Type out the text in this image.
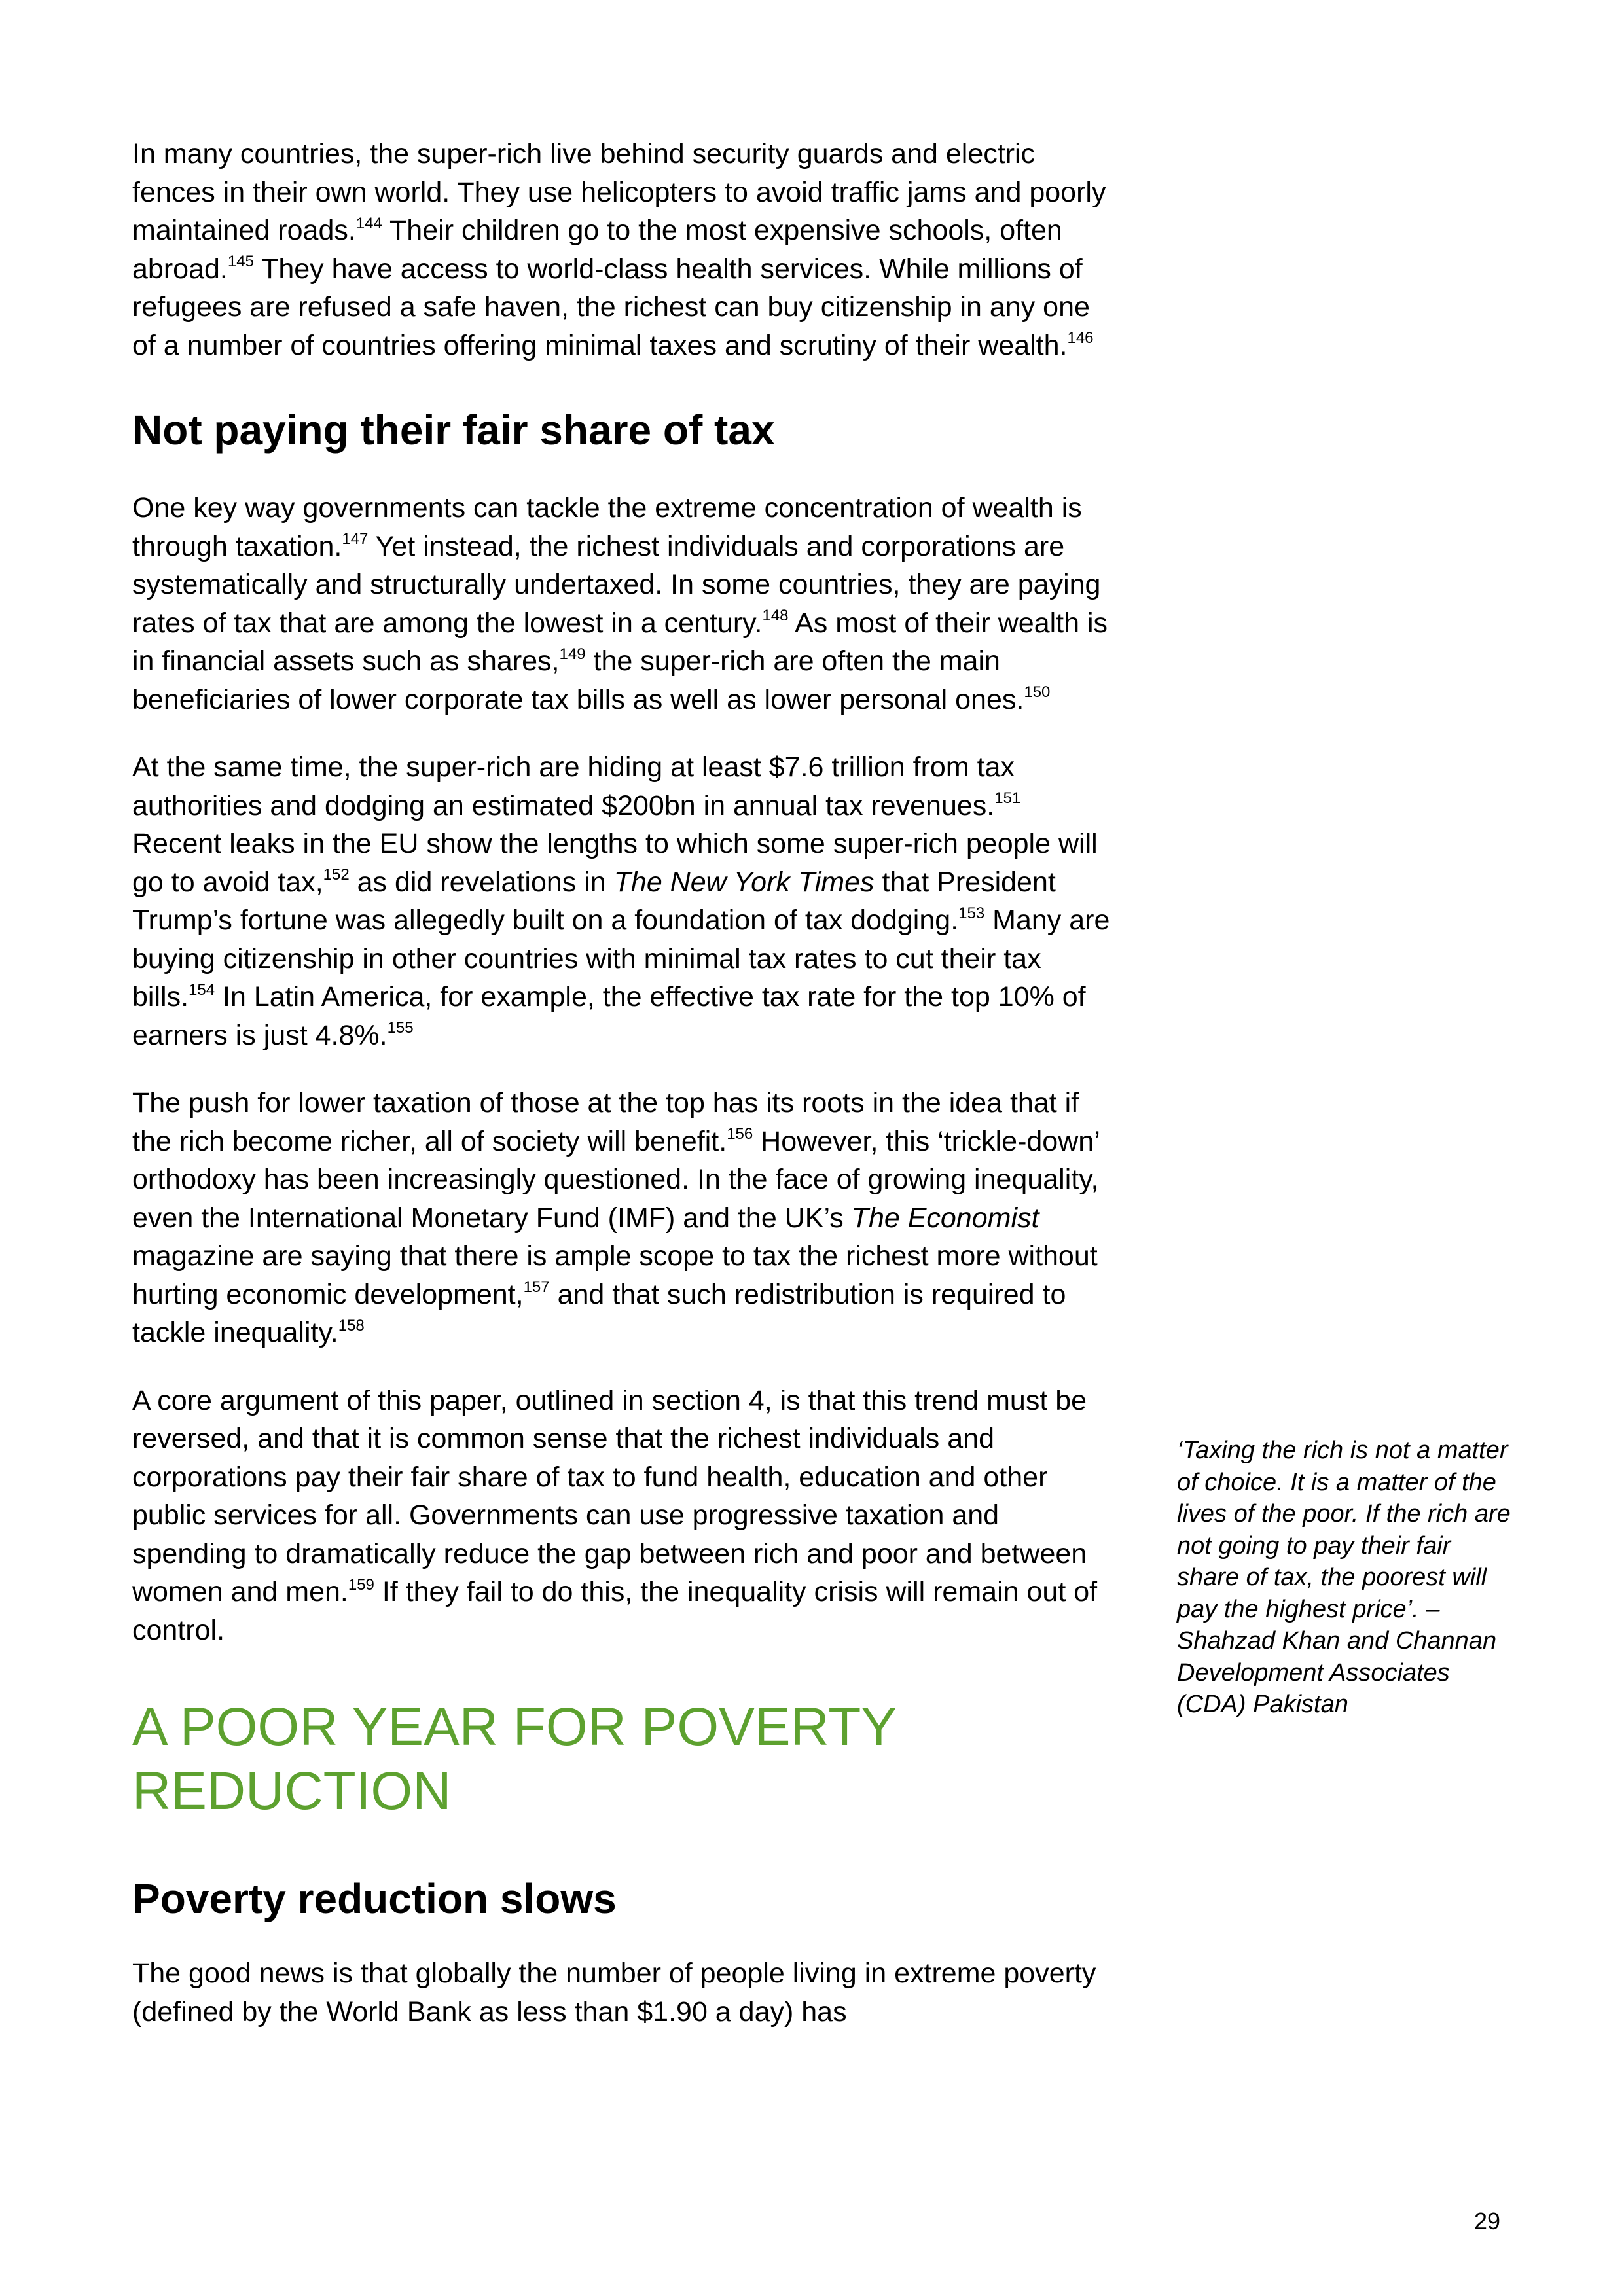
In many countries, the super-rich live behind security guards and electric fences in their own world. They use helicopters to avoid traffic jams and poorly maintained roads.$^{144}$ Their children go to the most expensive schools, often abroad.$^{145}$ They have access to world-class health services. While millions of refugees are refused a safe haven, the richest can buy citizenship in any one of a number of countries offering minimal taxes and scrutiny of their wealth.$^{146}$

Not paying their fair share of tax

One key way governments can tackle the extreme concentration of wealth is through taxation.$^{147}$ Yet instead, the richest individuals and corporations are systematically and structurally undertaxed. In some countries, they are paying rates of tax that are among the lowest in a century.$^{148}$ As most of their wealth is in financial assets such as shares,$^{149}$ the super-rich are often the main beneficiaries of lower corporate tax bills as well as lower personal ones.$^{150}$

At the same time, the super-rich are hiding at least $7.6 trillion from tax authorities and dodging an estimated $200bn in annual tax revenues.$^{151}$ Recent leaks in the EU show the lengths to which some super-rich people will go to avoid tax,$^{152}$ as did revelations in The New York Times that President Trump’s fortune was allegedly built on a foundation of tax dodging.$^{153}$ Many are buying citizenship in other countries with minimal tax rates to cut their tax bills.$^{154}$ In Latin America, for example, the effective tax rate for the top 10% of earners is just 4.8%.$^{155}$

The push for lower taxation of those at the top has its roots in the idea that if the rich become richer, all of society will benefit.$^{156}$ However, this ‘trickle-down’ orthodoxy has been increasingly questioned. In the face of growing inequality, even the International Monetary Fund (IMF) and the UK’s The Economist magazine are saying that there is ample scope to tax the richest more without hurting economic development,$^{157}$ and that such redistribution is required to tackle inequality.$^{158}$

A core argument of this paper, outlined in section 4, is that this trend must be reversed, and that it is common sense that the richest individuals and corporations pay their fair share of tax to fund health, education and other public services for all. Governments can use progressive taxation and spending to dramatically reduce the gap between rich and poor and between women and men.$^{159}$ If they fail to do this, the inequality crisis will remain out of control.

A POOR YEAR FOR POVERTY REDUCTION
Poverty reduction slows

The good news is that globally the number of people living in extreme poverty (defined by the World Bank as less than $1.90 a day) has

‘Taxing the rich is not a matter of choice. It is a matter of the lives of the poor. If the rich are not going to pay their fair share of tax, the poorest will pay the highest price’. – Shahzad Khan and Channan Development Associates (CDA) Pakistan

29
